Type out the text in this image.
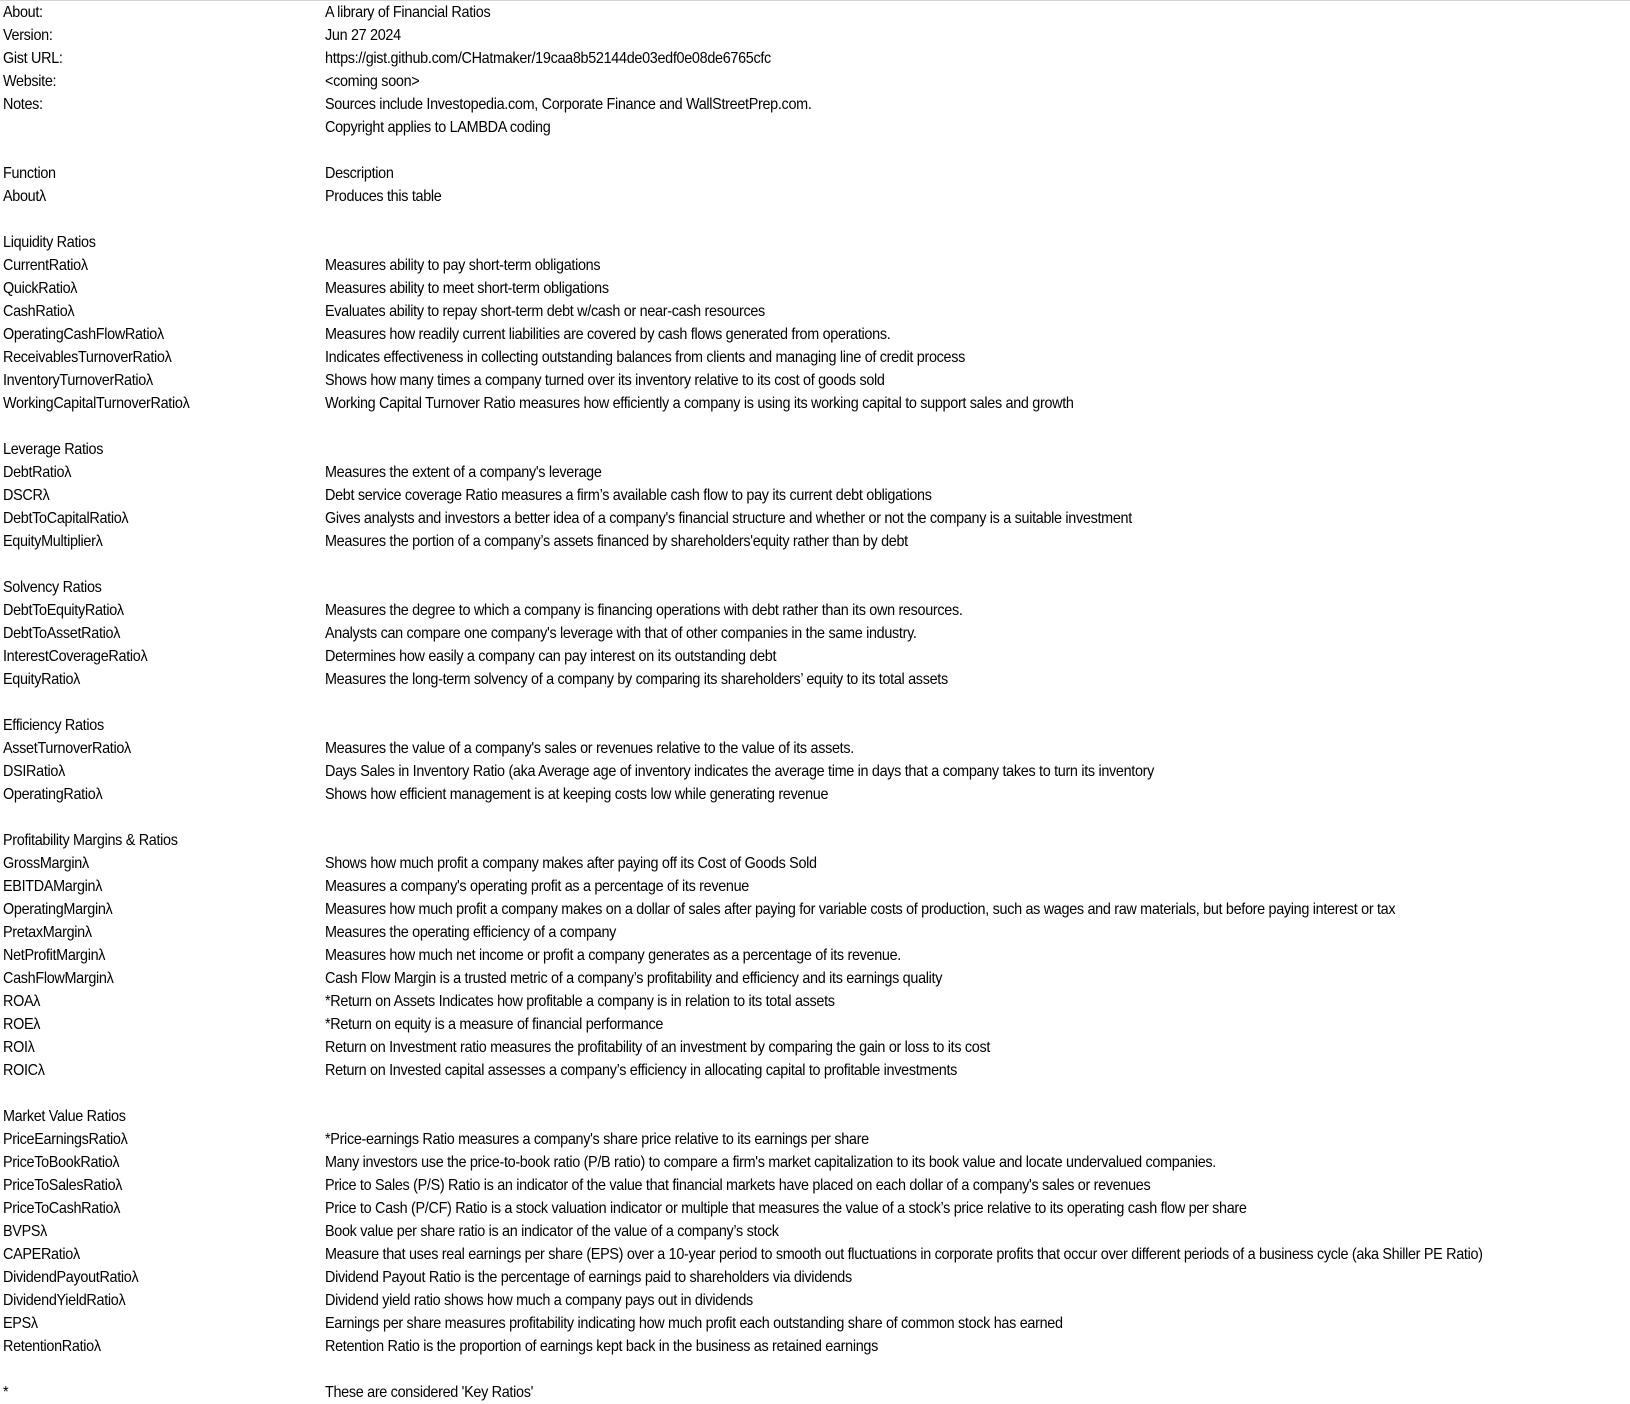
About:	A library of Financial Ratios
Version:	Jun 27 2024
Gist URL:	https://gist.github.com/CHatmaker/19caa8b52144de03edf0e08de6765cfc
Website:	<coming soon>
Notes:	Sources include Investopedia.com, Corporate Finance and WallStreetPrep.com.
Copyright applies to LAMBDA coding
Function	Description
Aboutλ	Produces this table
Liquidity Ratios
CurrentRatioλ	Measures ability to pay short-term obligations
QuickRatioλ	Measures ability to meet short-term obligations
CashRatioλ	Evaluates ability to repay short-term debt w/cash or near-cash resources
OperatingCashFlowRatioλ	Measures how readily current liabilities are covered by cash flows generated from operations.
ReceivablesTurnoverRatioλ	Indicates effectiveness in collecting outstanding balances from clients and managing line of credit process
InventoryTurnoverRatioλ	Shows how many times a company turned over its inventory relative to its cost of goods sold
WorkingCapitalTurnoverRatioλ	Working Capital Turnover Ratio measures how efficiently a company is using its working capital to support sales and growth
Leverage Ratios
DebtRatioλ	Measures the extent of a company's leverage
DSCRλ	Debt service coverage Ratio measures a firm’s available cash flow to pay its current debt obligations
DebtToCapitalRatioλ	Gives analysts and investors a better idea of a company's financial structure and whether or not the company is a suitable investment
EquityMultiplierλ	Measures the portion of a company’s assets financed by shareholders'equity rather than by debt
Solvency Ratios
DebtToEquityRatioλ	Measures the degree to which a company is financing operations with debt rather than its own resources.
DebtToAssetRatioλ	Analysts can compare one company's leverage with that of other companies in the same industry.
InterestCoverageRatioλ	Determines how easily a company can pay interest on its outstanding debt
EquityRatioλ	Measures the long-term solvency of a company by comparing its shareholders’ equity to its total assets
Efficiency Ratios
AssetTurnoverRatioλ	Measures the value of a company's sales or revenues relative to the value of its assets.
DSIRatioλ	Days Sales in Inventory Ratio (aka Average age of inventory indicates the average time in days that a company takes to turn its inventory
OperatingRatioλ	Shows how efficient management is at keeping costs low while generating revenue
Profitability Margins & Ratios
GrossMarginλ	Shows how much profit a company makes after paying off its Cost of Goods Sold
EBITDAMarginλ	Measures a company's operating profit as a percentage of its revenue
OperatingMarginλ	Measures how much profit a company makes on a dollar of sales after paying for variable costs of production, such as wages and raw materials, but before paying interest or tax
PretaxMarginλ	Measures the operating efficiency of a company
NetProfitMarginλ	Measures how much net income or profit a company generates as a percentage of its revenue.
CashFlowMarginλ	Cash Flow Margin is a trusted metric of a company’s profitability and efficiency and its earnings quality
ROAλ	*Return on Assets Indicates how profitable a company is in relation to its total assets
ROEλ	*Return on equity is a measure of financial performance
ROIλ	Return on Investment ratio measures the profitability of an investment by comparing the gain or loss to its cost
ROICλ	Return on Invested capital assesses a company’s efficiency in allocating capital to profitable investments
Market Value Ratios
PriceEarningsRatioλ	*Price-earnings Ratio measures a company's share price relative to its earnings per share
PriceToBookRatioλ	Many investors use the price-to-book ratio (P/B ratio) to compare a firm's market capitalization to its book value and locate undervalued companies.
PriceToSalesRatioλ	Price to Sales (P/S) Ratio is an indicator of the value that financial markets have placed on each dollar of a company's sales or revenues
PriceToCashRatioλ	Price to Cash (P/CF) Ratio is a stock valuation indicator or multiple that measures the value of a stock’s price relative to its operating cash flow per share
BVPSλ	Book value per share ratio is an indicator of the value of a company’s stock
CAPERatioλ	Measure that uses real earnings per share (EPS) over a 10-year period to smooth out fluctuations in corporate profits that occur over different periods of a business cycle (aka Shiller PE Ratio)
DividendPayoutRatioλ	Dividend Payout Ratio is the percentage of earnings paid to shareholders via dividends
DividendYieldRatioλ	Dividend yield ratio shows how much a company pays out in dividends
EPSλ	Earnings per share measures profitability indicating how much profit each outstanding share of common stock has earned
RetentionRatioλ	Retention Ratio is the proportion of earnings kept back in the business as retained earnings
*	These are considered 'Key Ratios'
